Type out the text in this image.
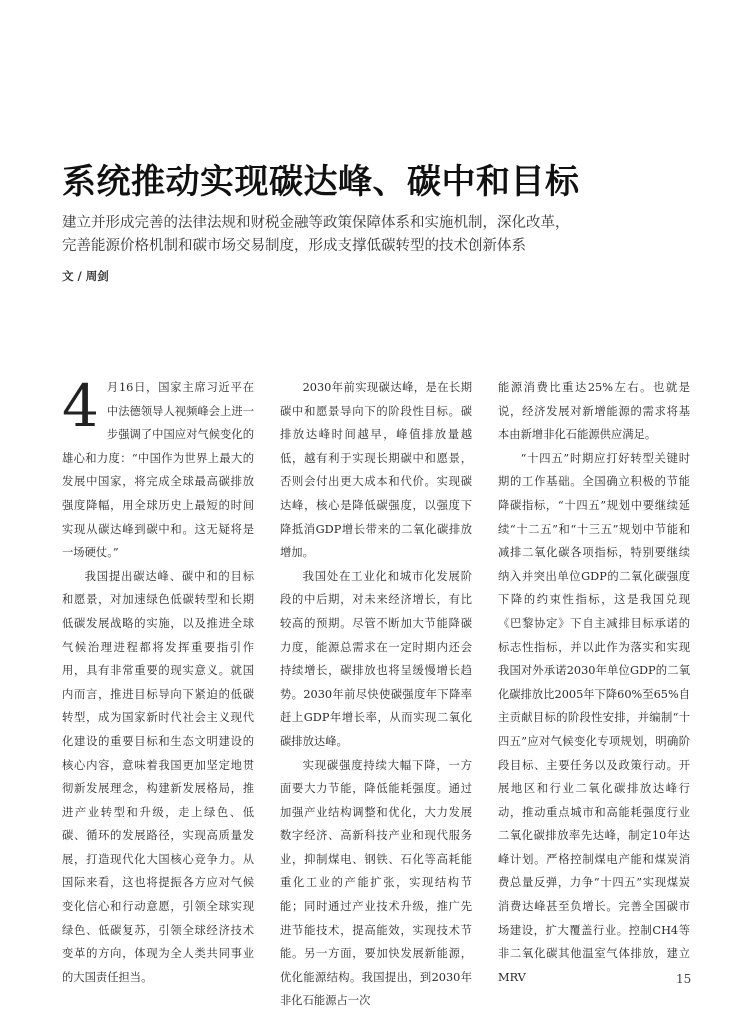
系统推动实现碳达峰、碳中和目标
建立并形成完善的法律法规和财税金融等政策保障体系和实施机制，深化改革，
完善能源价格机制和碳市场交易制度，形成支撑低碳转型的技术创新体系
文 / 周剑

4 月16日，国家主席习近平在中法德领导人视频峰会上进一步强调了中国应对气候变化的雄心和力度：“中国作为世界上最大的发展中国家，将完成全球最高碳排放强度降幅，用全球历史上最短的时间实现从碳达峰到碳中和。这无疑将是一场硬仗。”

我国提出碳达峰、碳中和的目标和愿景，对加速绿色低碳转型和长期低碳发展战略的实施，以及推进全球气候治理进程都将发挥重要指引作用，具有非常重要的现实意义。就国内而言，推进目标导向下紧迫的低碳转型，成为国家新时代社会主义现代化建设的重要目标和生态文明建设的核心内容，意味着我国更加坚定地贯彻新发展理念，构建新发展格局，推进产业转型和升级，走上绿色、低碳、循环的发展路径，实现高质量发展，打造现代化大国核心竞争力。从国际来看，这也将提振各方应对气候变化信心和行动意愿，引领全球实现绿色、低碳复苏，引领全球经济技术变革的方向，体现为全人类共同事业的大国责任担当。

2030年前实现碳达峰，是在长期碳中和愿景导向下的阶段性目标。碳排放达峰时间越早，峰值排放量越低，越有利于实现长期碳中和愿景，否则会付出更大成本和代价。实现碳达峰，核心是降低碳强度，以强度下降抵消GDP增长带来的二氧化碳排放增加。

我国处在工业化和城市化发展阶段的中后期，对未来经济增长，有比较高的预期。尽管不断加大节能降碳力度，能源总需求在一定时期内还会持续增长，碳排放也将呈缓慢增长趋势。2030年前尽快使碳强度年下降率赶上GDP年增长率，从而实现二氧化碳排放达峰。

实现碳强度持续大幅下降，一方面要大力节能，降低能耗强度。通过加强产业结构调整和优化，大力发展数字经济、高新科技产业和现代服务业，抑制煤电、钢铁、石化等高耗能重化工业的产能扩张，实现结构节能；同时通过产业技术升级，推广先进节能技术，提高能效，实现技术节能。另一方面，要加快发展新能源，优化能源结构。我国提出，到2030年非化石能源占一次

能源消费比重达25%左右。也就是说，经济发展对新增能源的需求将基本由新增非化石能源供应满足。

“十四五”时期应打好转型关键时期的工作基础。全国确立积极的节能降碳指标，“十四五”规划中要继续延续“十二五”和“十三五”规划中节能和减排二氧化碳各项指标，特别要继续纳入并突出单位GDP的二氧化碳强度下降的约束性指标，这是我国兑现《巴黎协定》下自主减排目标承诺的标志性指标，并以此作为落实和实现我国对外承诺2030年单位GDP的二氧化碳排放比2005年下降60%至65%自主贡献目标的阶段性安排，并编制“十四五”应对气候变化专项规划，明确阶段目标、主要任务以及政策行动。开展地区和行业二氧化碳排放达峰行动，推动重点城市和高能耗强度行业二氧化碳排放率先达峰，制定10年达峰计划。严格控制煤电产能和煤炭消费总量反弹，力争“十四五”实现煤炭消费达峰甚至负增长。完善全国碳市场建设，扩大覆盖行业。控制CH4等非二氧化碳其他温室气体排放，建立MRV	15
